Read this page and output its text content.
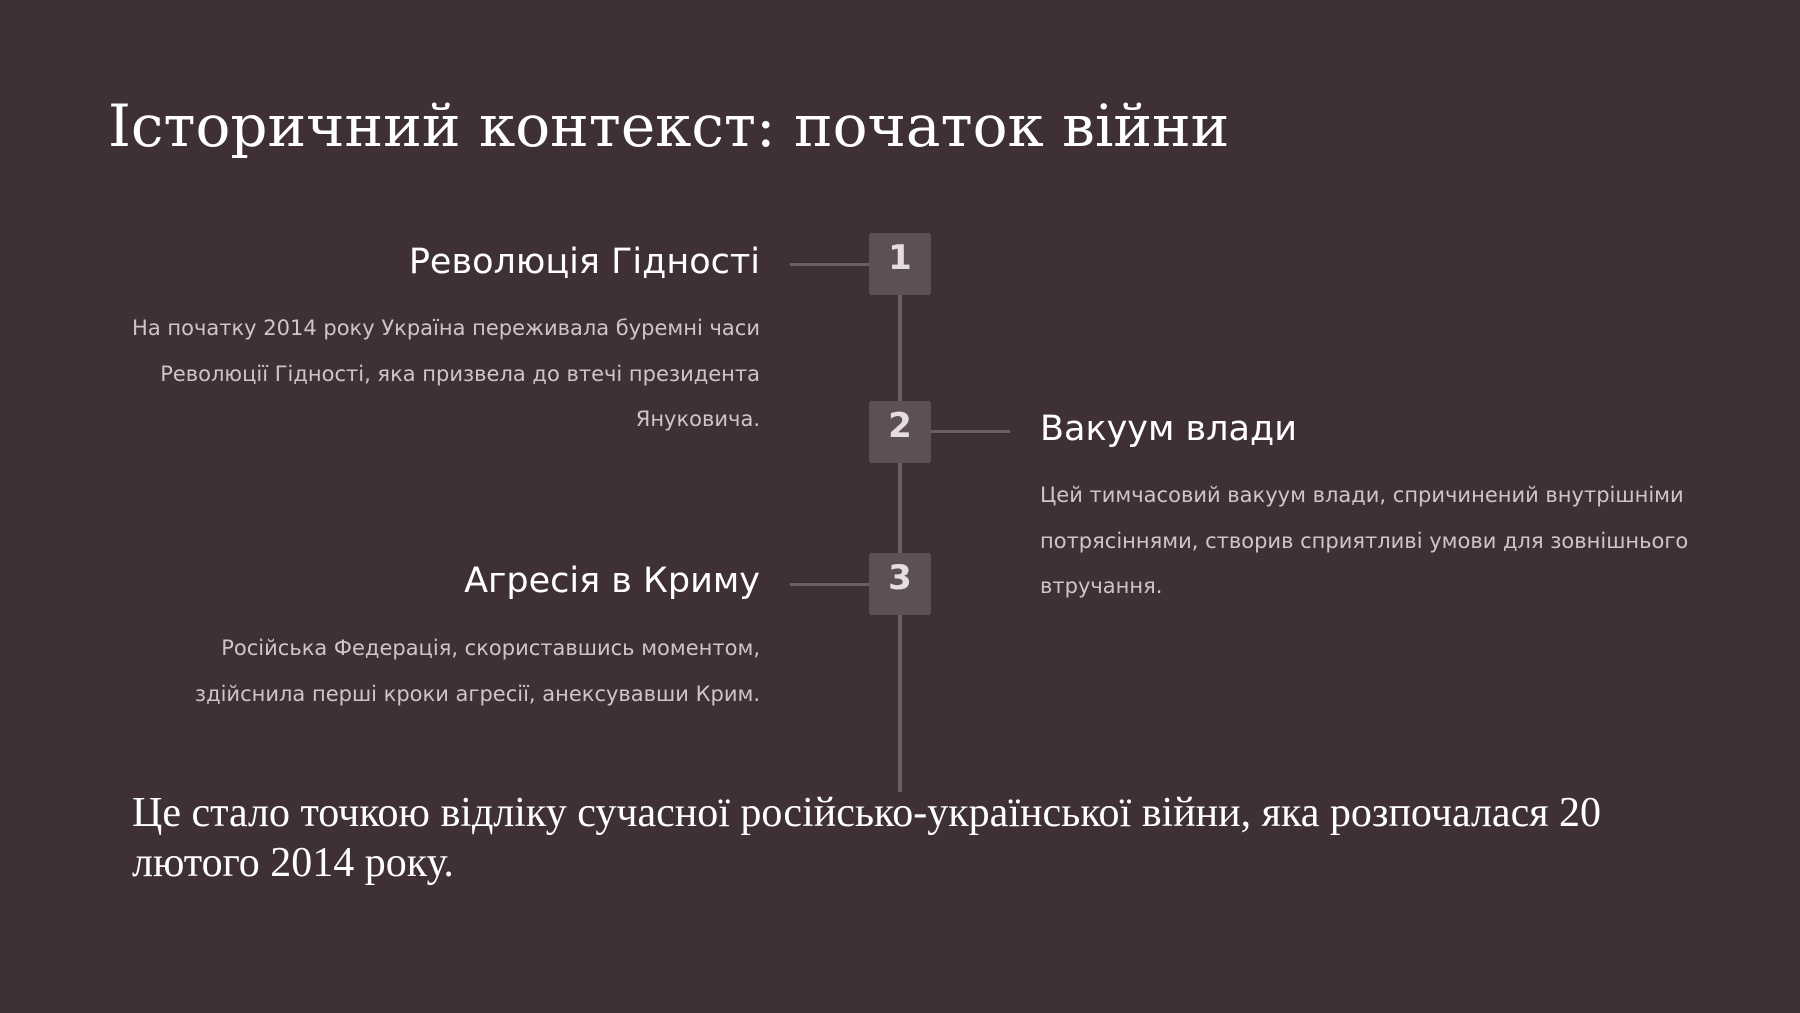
Історичний контекст: початок війни
1
Революція Гідності

На початку 2014 року Україна переживала буремні часи Революції Гідності, яка призвела до втечі президента Януковича.	2	Вакуум влади

Цей тимчасовий вакуум влади, спричинений внутрішніми потрясіннями, створив сприятливі умови для зовнішнього втручання.

3
Агресія в Криму

Російська Федерація, скориставшись моментом, здійснила перші кроки агресії, анексувавши Крим.

Це стало точкою відліку сучасної російсько-української війни, яка розпочалася 20 лютого 2014 року.
